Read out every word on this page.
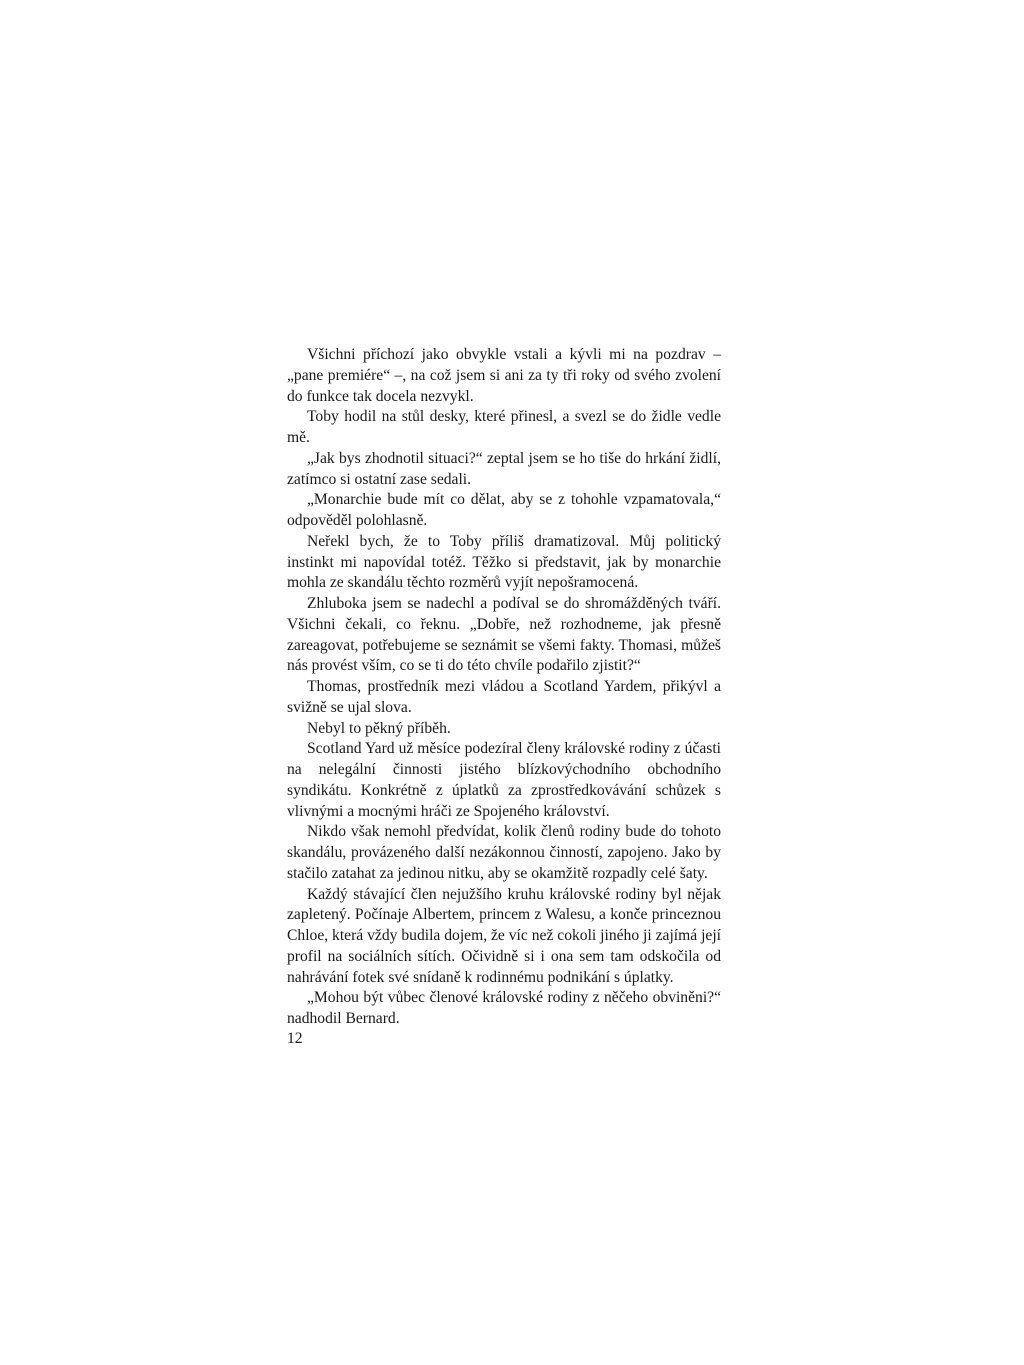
Všichni příchozí jako obvykle vstali a kývli mi na pozdrav – „pane premiére“ –, na což jsem si ani za ty tři roky od svého zvolení do funkce tak docela nezvykl.

Toby hodil na stůl desky, které přinesl, a svezl se do židle vedle mě.

„Jak bys zhodnotil situaci?“ zeptal jsem se ho tiše do hrkání židlí, zatímco si ostatní zase sedali.

„Monarchie bude mít co dělat, aby se z tohohle vzpamatovala,“ odpověděl polohlasně.

Neřekl bych, že to Toby příliš dramatizoval. Můj politický instinkt mi napovídal totéž. Těžko si představit, jak by monarchie mohla ze skandálu těchto rozměrů vyjít nepošramocená.

Zhluboka jsem se nadechl a podíval se do shromážděných tváří. Všichni čekali, co řeknu. „Dobře, než rozhodneme, jak přesně zareagovat, potřebujeme se seznámit se všemi fakty. Thomasi, můžeš nás provést vším, co se ti do této chvíle podařilo zjistit?“

Thomas, prostředník mezi vládou a Scotland Yardem, přikývl a svižně se ujal slova.

Nebyl to pěkný příběh.

Scotland Yard už měsíce podezíral členy královské rodiny z účasti na nelegální činnosti jistého blízkovýchodního obchodního syndikátu. Konkrétně z úplatků za zprostředkovávání schůzek s vlivnými a mocnými hráči ze Spojeného království.

Nikdo však nemohl předvídat, kolik členů rodiny bude do tohoto skandálu, provázeného další nezákonnou činností, zapojeno. Jako by stačilo zatahat za jedinou nitku, aby se okamžitě rozpadly celé šaty.

Každý stávající člen nejužšího kruhu královské rodiny byl nějak zapletený. Počínaje Albertem, princem z Walesu, a konče princeznou Chloe, která vždy budila dojem, že víc než cokoli jiného ji zajímá její profil na sociálních sítích. Očividně si i ona sem tam odskočila od nahrávání fotek své snídaně k rodinnému podnikání s úplatky.

„Mohou být vůbec členové královské rodiny z něčeho obviněni?“ nadhodil Bernard.

12
